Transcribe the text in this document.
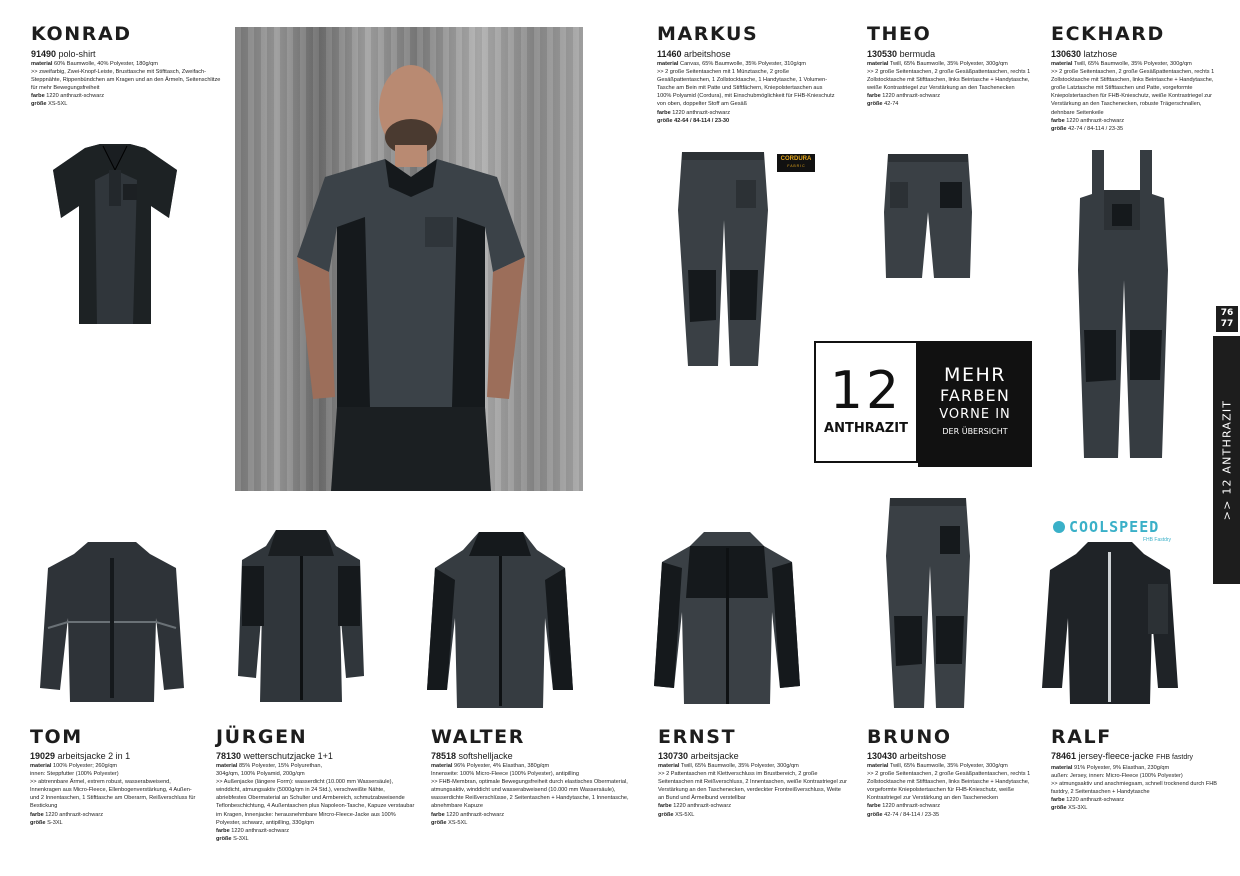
KONRAD
91490 polo-shirt
material 60% Baumwolle, 40% Polyester, 180g/qm
>> zweifarbig, Zwei-Knopf-Leiste, Brusttasche mit Stifttasch, Zweifach-Steppnähte, Rippenbündchen am Kragen und an den Ärmeln, Seitenschlitze für mehr Bewegungsfreiheit
farbe 1220 anthrazit-schwarz
größe XS-5XL
MARKUS
11460 arbeitshose
material Canvas, 65% Baumwolle, 35% Polyester, 310g/qm
>> 2 große Seitentaschen mit 1 Münztasche, 2 große Gesäßpattentaschen, 1 Zollstocktasche, 1 Handytasche, 1 Volumen-Tasche am Bein mit Patte und Stiftfächern, Kniepolstertaschen aus 100% Polyamid (Cordura), mit Einschubmöglichkeit für FHB-Knieschutz von oben, doppelter Stoff am Gesäß
farbe 1220 anthrazit-schwarz
größe 42-64 / 84-114 / 23-30
THEO
130530 bermuda
material Twill, 65% Baumwolle, 35% Polyester, 300g/qm
>> 2 große Seitentaschen, 2 große Gesäßpattentaschen, rechts 1 Zollstocktasche mit Stifttaschen, links Beintasche + Handytasche, weiße Kontrastriegel zur Verstärkung an den Taschenecken
farbe 1220 anthrazit-schwarz
größe 42-74
ECKHARD
130630 latzhose
material Twill, 65% Baumwolle, 35% Polyester, 300g/qm
>> 2 große Seitentaschen, 2 große Gesäßpattentaschen, rechts 1 Zollstocktasche mit Stifttaschen, links Beintasche + Handytasche, große Latztasche mit Stifttaschen und Patte, vorgeformte Kniepolstertaschen für FHB-Knieschutz, weiße Kontrastriegel zur Verstärkung an den Taschenecken, robuste Trägerschnallen, dehnbare Seitenkeile
farbe 1220 anthrazit-schwarz
größe 42-74 / 84-114 / 23-35
CORDURA
F A B R I C
12
ANTHRAZIT
MEHR
FARBEN
VORNE IN
DER ÜBERSICHT
76
77
>> 12 ANTHRAZIT
COOLSPEED
FHB Fastdry
TOM
19029 arbeitsjacke 2 in 1
material 100% Polyester; 260g/qm
innen: Steppfutter (100% Polyester)
>> abtrennbare Ärmel, extrem robust, wasserabweisend, Innenkragen aus Micro-Fleece, Ellenbogenverstärkung, 4 Außen- und 2 Innentaschen, 1 Stifttasche am Oberarm, Reißverschluss für Bestickung
farbe 1220 anthrazit-schwarz
größe S-3XL
JÜRGEN
78130 wetterschutzjacke 1+1
material 85% Polyester, 15% Polyurethan,
304g/qm, 100% Polyamid, 200g/qm
>> Außenjacke (längere Form): wasserdicht (10.000 mm Wassersäule), winddicht, atmungsaktiv (5000g/qm in 24 Std.), verschweißte Nähte, abriebfestes Obermaterial an Schulter und Armbereich, schmutzabweisende Teflonbeschichtung, 4 Außentaschen plus Napoleon-Tasche, Kapuze verstaubar im Kragen, Innenjacke: herausnehmbare Mircro-Fleece-Jacke aus 100% Polyester, schwarz, antipilling, 330g/qm
farbe 1220 anthrazit-schwarz
größe S-3XL
WALTER
78518 softshelljacke
material 96% Polyester, 4% Elasthan, 380g/qm
Innenseite: 100% Micro-Fleece (100% Polyester), antipilling
>> FHB-Membran, optimale Bewegungsfreiheit durch elastisches Obermaterial, atmungsaktiv, winddicht und wasserabweisend (10.000 mm Wassersäule), wasserdichte Reißverschlüsse, 2 Seitentaschen + Handytasche, 1 Innentasche, abnehmbare Kapuze
farbe 1220 anthrazit-schwarz
größe XS-5XL
ERNST
130730 arbeitsjacke
material Twill, 65% Baumwolle, 35% Polyester, 300g/qm
>> 2 Pattentaschen mit Klettverschluss im Brustbereich, 2 große Seitentaschen mit Reißverschluss, 2 Innentaschen, weiße Kontrastriegel zur Verstärkung an den Taschenecken, verdeckter Frontreißverschluss, Weite an Bund und Ärmelbund verstellbar
farbe 1220 anthrazit-schwarz
größe XS-5XL
BRUNO
130430 arbeitshose
material Twill, 65% Baumwolle, 35% Polyester, 300g/qm
>> 2 große Seitentaschen, 2 große Gesäßpattentaschen, rechts 1 Zollstocktasche mit Stifttaschen, links Beintasche + Handytasche, vorgeformte Kniepolstertaschen für FHB-Knieschutz, weiße Kontrastriegel zur Verstärkung an den Taschenecken
farbe 1220 anthrazit-schwarz
größe 42-74 / 84-114 / 23-35
RALF
78461 jersey-fleece-jacke FHB fastdry
material 91% Polyester, 9% Elasthan, 230g/qm
außen: Jersey, innen: Micro-Fleece (100% Polyester)
>> atmungsaktiv und anschmiegsam, schnell trocknend durch FHB fastdry, 2 Seitentaschen + Handytasche
farbe 1220 anthrazit-schwarz
größe XS-3XL
